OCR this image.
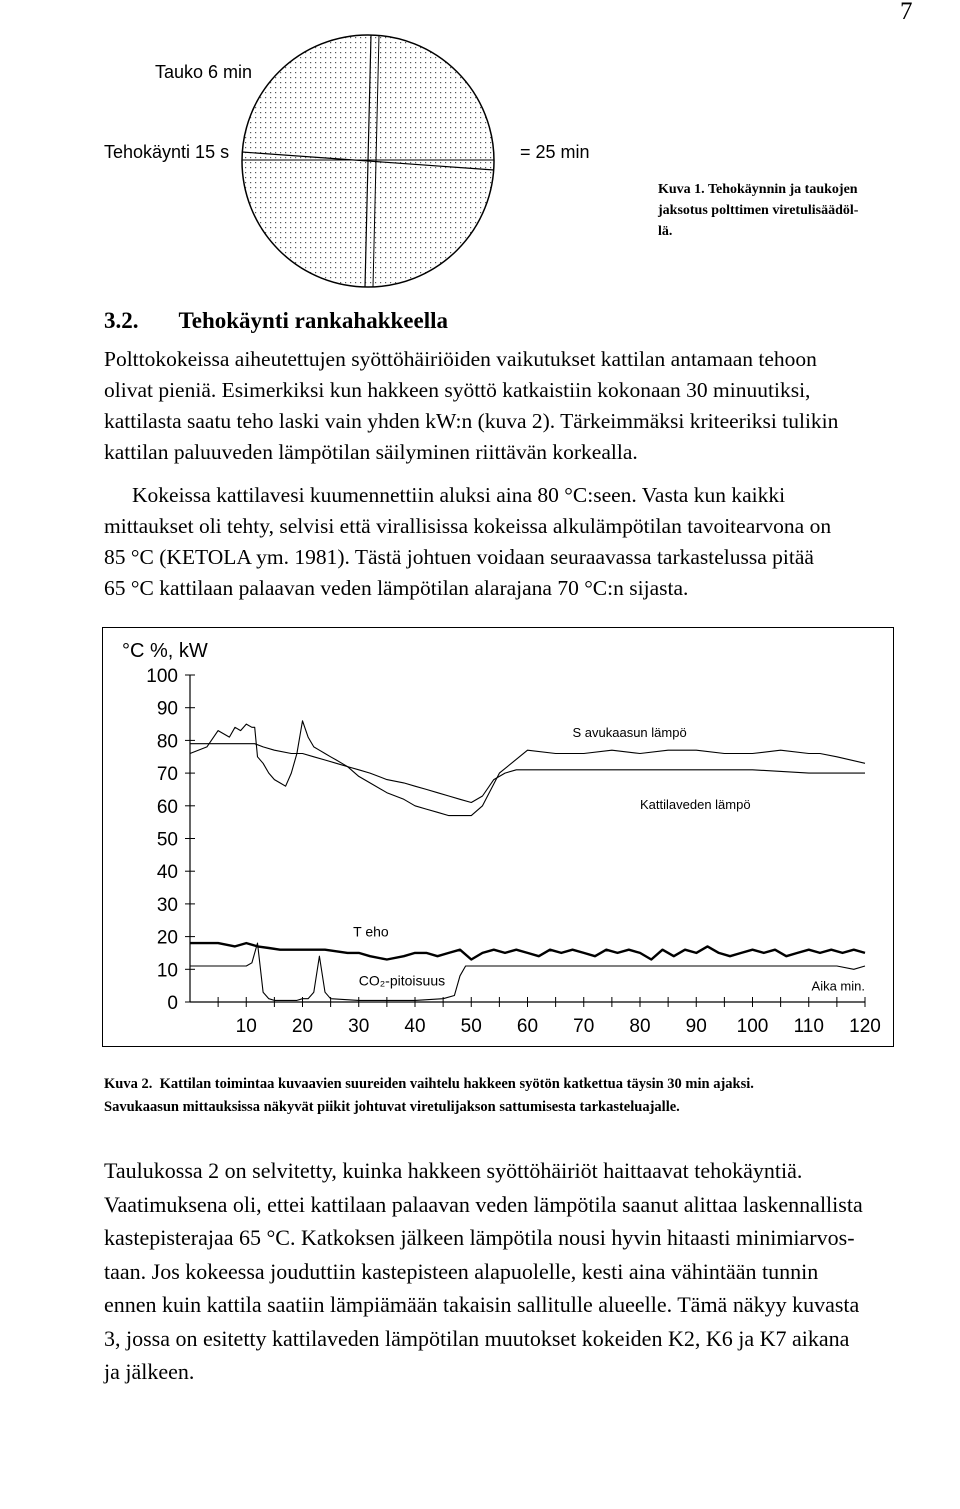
7
Tauko 6 min
Tehokäynti 15 s	= 25 min
Kuva 1. Tehokäynnin ja taukojen
jaksotus polttimen viretulisäädöl-
lä.
3.2. Tehokäynti rankahakkeella
Polttokokeissa aiheutettujen syöttöhäiriöiden vaikutukset kattilan antamaan tehoon
olivat pieniä. Esimerkiksi kun hakkeen syöttö katkaistiin kokonaan 30 minuutiksi,
kattilasta saatu teho laski vain yhden kW:n (kuva 2). Tärkeimmäksi kriteeriksi tulikin
kattilan paluuveden lämpötilan säilyminen riittävän korkealla.
Kokeissa kattilavesi kuumennettiin aluksi aina 80 °C:seen. Vasta kun kaikki
mittaukset oli tehty, selvisi että virallisissa kokeissa alkulämpötilan tavoitearvona on
85 °C (KETOLA ym. 1981). Tästä johtuen voidaan seuraavassa tarkastelussa pitää
65 °C kattilaan palaavan veden lämpötilan alarajana 70 °C:n sijasta.
°C %, kW
0
10
20
30
40
50
60
70
80
90
100
10 20 30 40 50 60 70 80 90 100 110 120
S avukaasun lämpö
Kattilaveden lämpö
T eho
CO₂-pitoisuus	Aika min.
Kuva 2. Kattilan toimintaa kuvaavien suureiden vaihtelu hakkeen syötön katkettua täysin 30 min ajaksi.
Savukaasun mittauksissa näkyvät piikit johtuvat viretulijakson sattumisesta tarkasteluajalle.
Taulukossa 2 on selvitetty, kuinka hakkeen syöttöhäiriöt haittaavat tehokäyntiä.
Vaatimuksena oli, ettei kattilaan palaavan veden lämpötila saanut alittaa laskennallista
kastepisterajaa 65 °C. Katkoksen jälkeen lämpötila nousi hyvin hitaasti minimiarvos-
taan. Jos kokeessa jouduttiin kastepisteen alapuolelle, kesti aina vähintään tunnin
ennen kuin kattila saatiin lämpiämään takaisin sallitulle alueelle. Tämä näkyy kuvasta
3, jossa on esitetty kattilaveden lämpötilan muutokset kokeiden K2, K6 ja K7 aikana
ja jälkeen.
